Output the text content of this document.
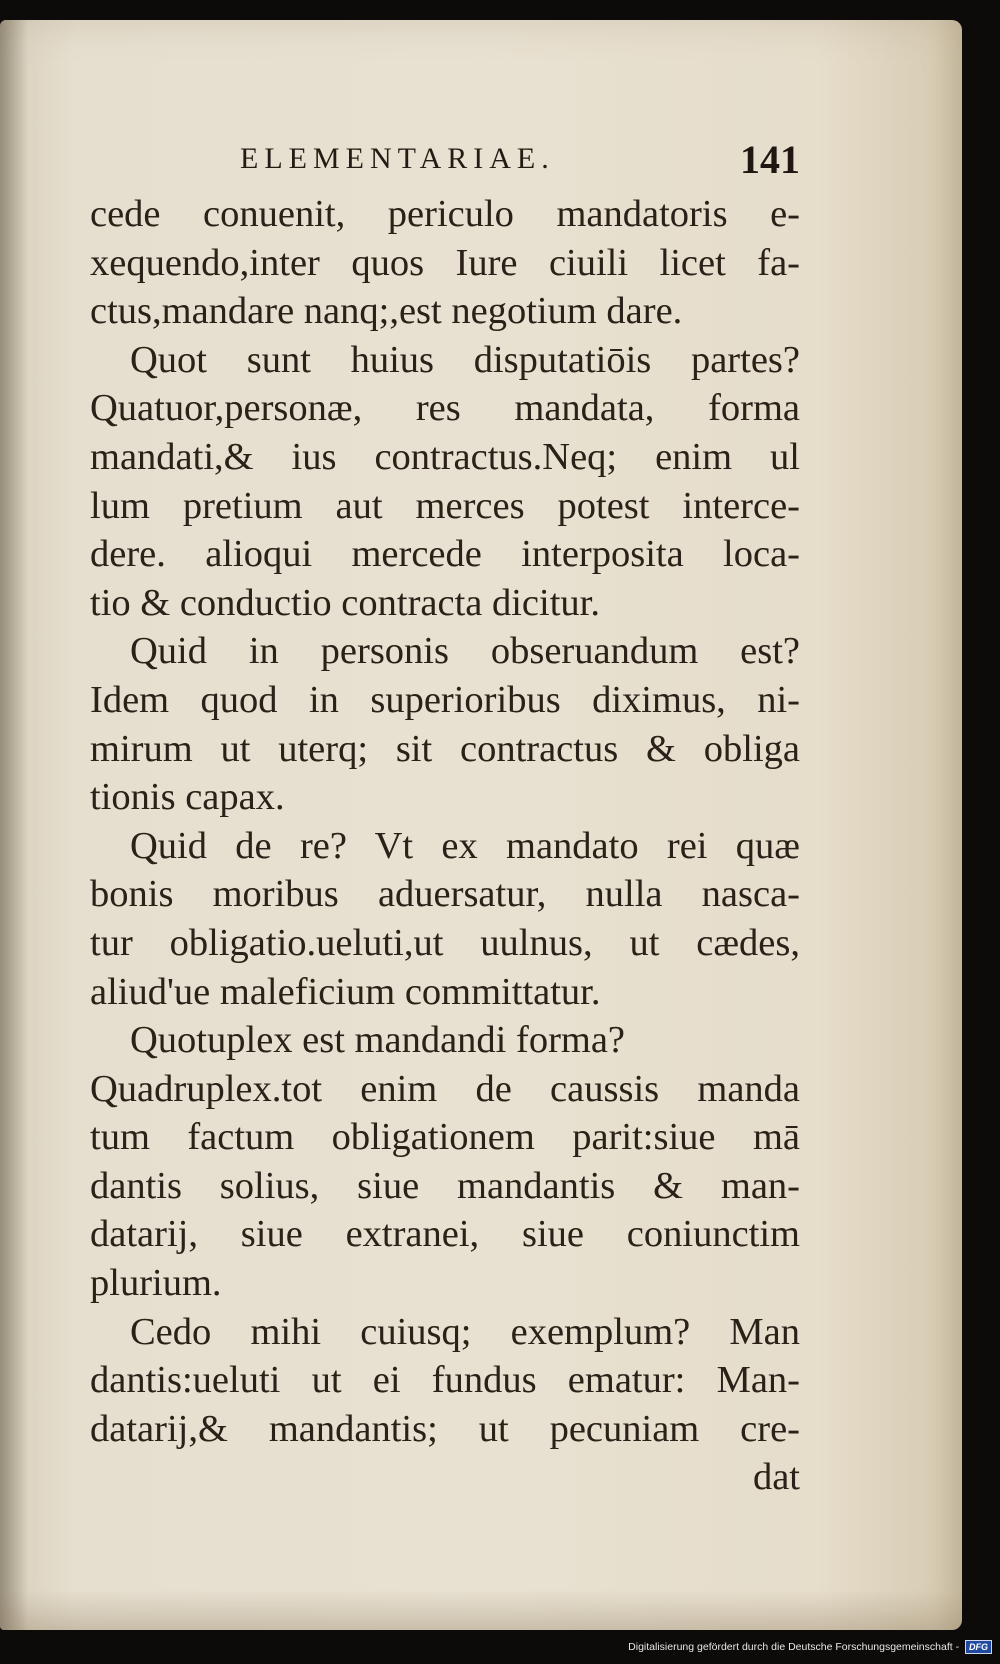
ELEMENTARIAE.	141
cede conuenit, periculo mandatoris e-
xequendo,inter quos Iure ciuili licet fa-
ctus,mandare nanq;,est negotium dare.
Quot sunt huius disputatiōis partes?
Quatuor,personæ, res mandata, forma
mandati,& ius contractus.Neq; enim ul
lum pretium aut merces potest interce-
dere. alioqui mercede interposita loca-
tio & conductio contracta dicitur.
Quid in personis obseruandum est?
Idem quod in superioribus diximus, ni-
mirum ut uterq; sit contractus & obliga
tionis capax.
Quid de re? Vt ex mandato rei quæ
bonis moribus aduersatur, nulla nasca-
tur obligatio.ueluti,ut uulnus, ut cædes,
aliud'ue maleficium committatur.
Quotuplex est mandandi forma?
Quadruplex.tot enim de caussis manda
tum factum obligationem parit:siue mā
dantis solius, siue mandantis & man-
datarij, siue extranei, siue coniunctim
plurium.
Cedo mihi cuiusq; exemplum? Man
dantis:ueluti ut ei fundus ematur: Man-
datarij,& mandantis; ut pecuniam cre-
dat
Digitalisierung gefördert durch die Deutsche Forschungsgemeinschaft - DFG
